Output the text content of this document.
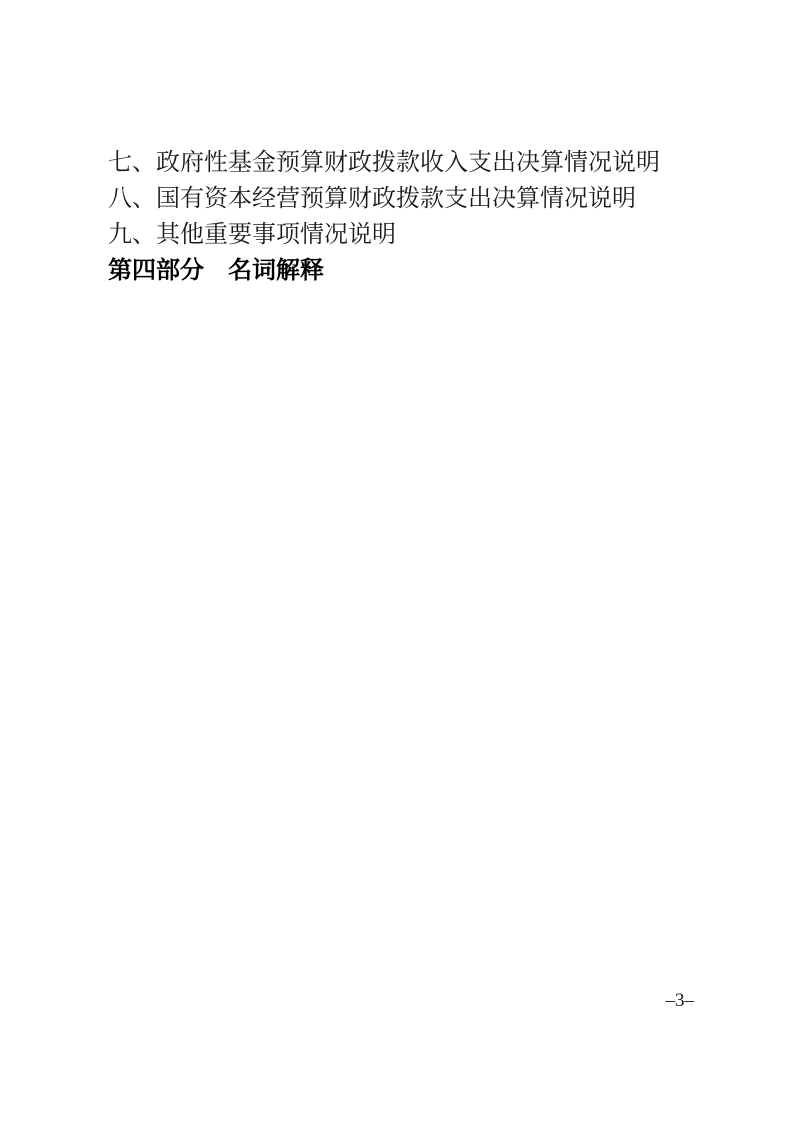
七、政府性基金预算财政拨款收入支出决算情况说明

八、国有资本经营预算财政拨款支出决算情况说明

九、其他重要事项情况说明

第四部分　名词解释

–3–
